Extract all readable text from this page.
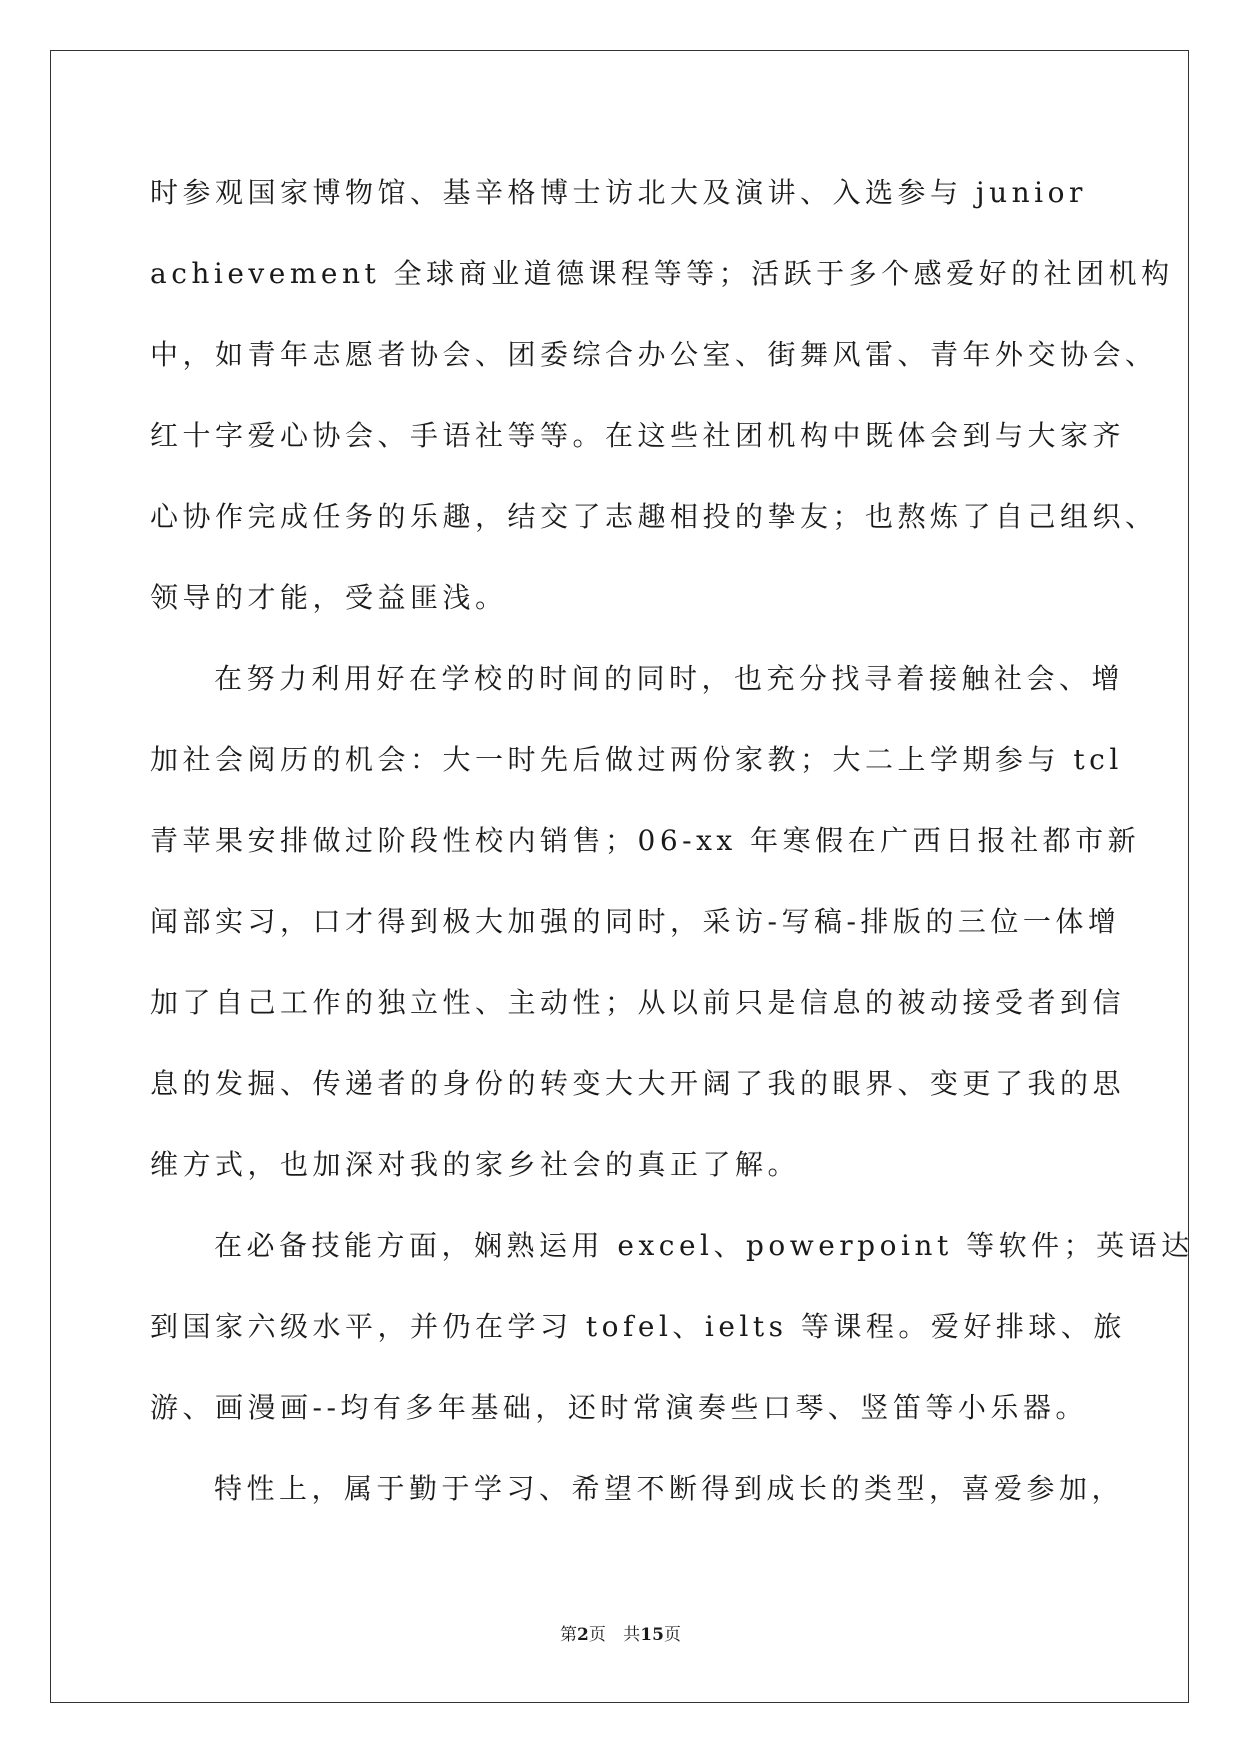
时参观国家博物馆、基辛格博士访北大及演讲、入选参与 junior
achievement 全球商业道德课程等等；活跃于多个感爱好的社团机构
中，如青年志愿者协会、团委综合办公室、街舞风雷、青年外交协会、
红十字爱心协会、手语社等等。在这些社团机构中既体会到与大家齐
心协作完成任务的乐趣，结交了志趣相投的挚友；也熬炼了自己组织、
领导的才能，受益匪浅。
在努力利用好在学校的时间的同时，也充分找寻着接触社会、增
加社会阅历的机会：大一时先后做过两份家教；大二上学期参与 tcl
青苹果安排做过阶段性校内销售；06-xx 年寒假在广西日报社都市新
闻部实习，口才得到极大加强的同时，采访-写稿-排版的三位一体增
加了自己工作的独立性、主动性；从以前只是信息的被动接受者到信
息的发掘、传递者的身份的转变大大开阔了我的眼界、变更了我的思
维方式，也加深对我的家乡社会的真正了解。
在必备技能方面，娴熟运用 excel、powerpoint 等软件；英语达
到国家六级水平，并仍在学习 tofel、ielts 等课程。爱好排球、旅
游、画漫画--均有多年基础，还时常演奏些口琴、竖笛等小乐器。
特性上，属于勤于学习、希望不断得到成长的类型，喜爱参加，
第2页 共15页
